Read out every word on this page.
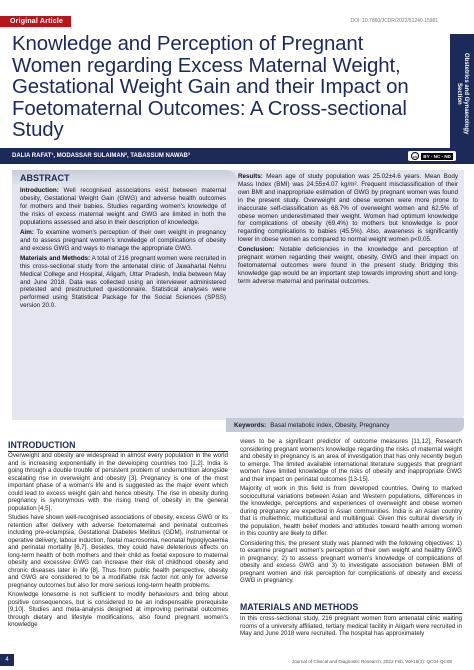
Original Article	DOI: 10.7860/JCDR/2022/51240.15981
Obstetrics and Gynaecology
Section
Knowledge and Perception of Pregnant Women regarding Excess Maternal Weight, Gestational Weight Gain and their Impact on Foetomaternal Outcomes: A Cross-sectional Study
DALIA RAFAT¹, MODASSAR SULAIMAN², TABASSUM NAWAB³	cc	BY - NC - ND
ABSTRACT

Introduction: Well recognised associations exist between maternal obesity, Gestational Weight Gain (GWG) and adverse health outcomes for mothers and their babies. Studies regarding women's knowledge of the risks of excess maternal weight and GWG are limited in both the populations assessed and also in their description of knowledge.

Aim: To examine women's perception of their own weight in pregnancy and to assess pregnant women's knowledge of complications of obesity and excess GWG and ways to manage the appropriate GWG.

Materials and Methods: A total of 216 pregnant women were recruited in this cross-sectional study from the antenatal clinic of Jawaharlal Nehru Medical College and Hospital, Aligarh, Uttar Pradesh, India between May and June 2018. Data was collected using an interviewer administered pretested and prestructured questionnaire. Statistical analyses were performed using Statistical Package for the Social Sciences (SPSS) version 20.0.

Results: Mean age of study population was 25.02±4.6 years. Mean Body Mass Index (BMI) was 24.55±4.07 kg/m². Frequent misclassification of their own BMI and inappropriate estimation of GWG by pregnant women was found in the present study. Overweight and obese women were more prone to inaccurate self-classification as 68.7% of overweight women and 62.5% of obese women underestimated their weight. Women had optimum knowledge for complications of obesity (69.4%) to mothers but knowledge is poor regarding complications to babies (45.5%). Also, awareness is significantly lower in obese women as compared to normal weight women p<0.05.

Conclusion: Notable deficiencies in the knowledge and perception of pregnant women regarding their weight, obesity, GWG and their impact on foetomaternal outcomes were found in the present study. Bridging this knowledge gap would be an important step towards improving short and long-term adverse maternal and perinatal outcomes.

Keywords: Basal metabolic index, Obesity, Pregnancy
INTRODUCTION

Overweight and obesity are widespread in almost every population in the world and is increasing exponentially in the developing countries too [1,2]. India is going through a double trouble of persistent problem of undernutrition alongside escalating rise in overweight and obesity [3]. Pregnancy is one of the most important phase of a woman's life and is suggested as the major event which could lead to excess weight gain and hence obesity. The rise in obesity during pregnancy is synonymous with the rising trend of obesity in the general population [4,5].

Studies have shown well-recognised associations of obesity, excess GWG or its retention after delivery with adverse foetomaternal and perinatal outcomes including pre-eclampsia, Gestational Diabetes Mellitus (GDM), instrumental or operative delivery, labour induction, foetal macrosomia, neonatal hypoglycaemia and perinatal mortality [6,7]. Besides, they could have deleterious effects on long-term health of both mothers and their child as foetal exposure to maternal obesity and excessive GWG can increase their risk of childhood obesity and chronic diseases later in life [8]. Thus from public health perspective, obesity and GWG are considered to be a modifiable risk factor not only for adverse pregnancy outcomes but also for more serious long-term health problems.

Knowledge lonesome is not sufficient to modify behaviours and bring about positive consequences, but is considered to be an indispensable prerequisite [9,10]. Studies and meta-analysis designed at improving perinatal outcomes through dietary and lifestyle modifications, also found pregnant women's knowledge

views to be a significant predictor of outcome measures [11,12]. Research considering pregnant women's knowledge regarding the risks of maternal weight and obesity in pregnancy is an area of investigation that has only recently begun to emerge. The limited available international literature suggests that pregnant women have limited knowledge of the risks of obesity and inappropriate GWG and their impact on perinatal outcomes [13-15].

Majority of work in this field is from developed countries. Owing to marked sociocultural variations between Asian and Western populations, differences in the knowledge, perceptions and experiences of overweight and obese women during pregnancy are expected in Asian communities. India is an Asian country that is multiethnic, multicultural and multilingual. Given this cultural diversity in the population, health belief models and attitudes toward health among women in this country are likely to differ.

Considering this, the present study was planned with the following objectives: 1) to examine pregnant women's perception of their own weight and healthy GWG in pregnancy; 2) to assess pregnant women's knowledge of complications of obesity and excess GWG and 3) to investigate association between BMI of pregnant women and risk perception for complications of obesity and excess GWG in pregnancy.

MATERIALS AND METHODS

In this cross-sectional study, 216 pregnant women from antenatal clinic waiting rooms of a university affiliated, tertiary medical facility in Aligarh were recruited in May and June 2018 were recruited. The hospital has approximately

4	Journal of Clinical and Diagnostic Research. 2022 Feb, Vol-16(2): QC04-QC08
